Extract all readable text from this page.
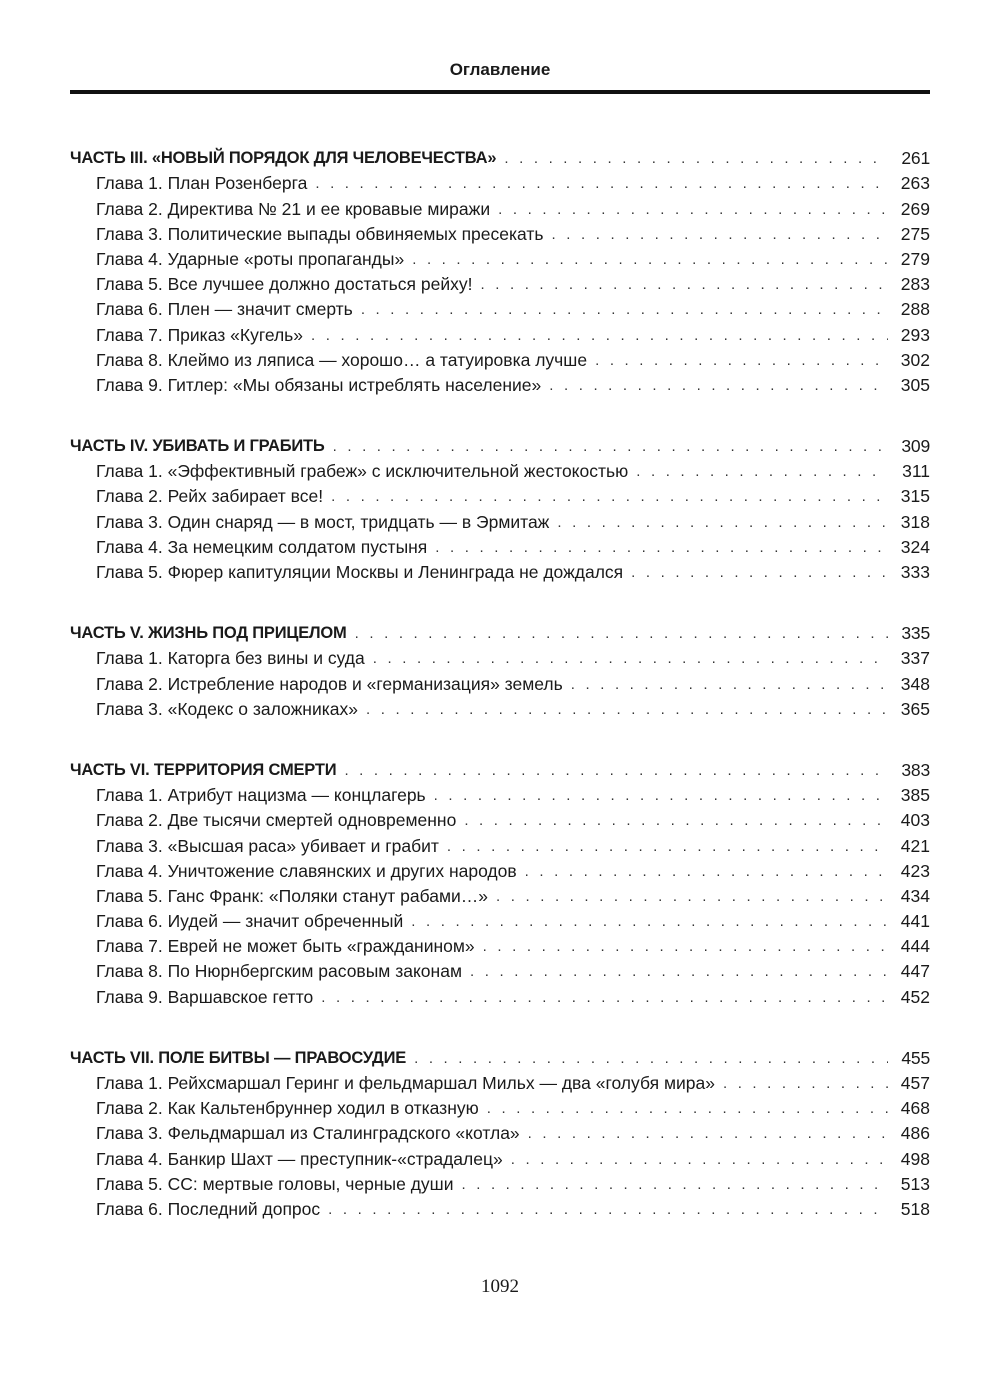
Оглавление
ЧАСТЬ III. «НОВЫЙ ПОРЯДОК ДЛЯ ЧЕЛОВЕЧЕСТВА» . . .	261
Глава 1. План Розенберга . . .	263
Глава 2. Директива № 21 и ее кровавые миражи . . .	269
Глава 3. Политические выпады обвиняемых пресекать . . .	275
Глава 4. Ударные «роты пропаганды» . . .	279
Глава 5. Все лучшее должно достаться рейху! . . .	283
Глава 6. Плен — значит смерть . . .	288
Глава 7. Приказ «Кугель» . . .	293
Глава 8. Клеймо из ляписа — хорошо… а татуировка лучше . . .	302
Глава 9. Гитлер: «Мы обязаны истреблять население» . . .	305
ЧАСТЬ IV. УБИВАТЬ И ГРАБИТЬ . . .	309
Глава 1. «Эффективный грабеж» с исключительной жестокостью . . .	311
Глава 2. Рейх забирает все! . . .	315
Глава 3. Один снаряд — в мост, тридцать — в Эрмитаж . . .	318
Глава 4. За немецким солдатом пустыня . . .	324
Глава 5. Фюрер капитуляции Москвы и Ленинграда не дождался . . .	333
ЧАСТЬ V. ЖИЗНЬ ПОД ПРИЦЕЛОМ . . .	335
Глава 1. Каторга без вины и суда . . .	337
Глава 2. Истребление народов и «германизация» земель . . .	348
Глава 3. «Кодекс о заложниках» . . .	365
ЧАСТЬ VI. ТЕРРИТОРИЯ СМЕРТИ . . .	383
Глава 1. Атрибут нацизма — концлагерь . . .	385
Глава 2. Две тысячи смертей одновременно . . .	403
Глава 3. «Высшая раса» убивает и грабит . . .	421
Глава 4. Уничтожение славянских и других народов . . .	423
Глава 5. Ганс Франк: «Поляки станут рабами…» . . .	434
Глава 6. Иудей — значит обреченный . . .	441
Глава 7. Еврей не может быть «гражданином» . . .	444
Глава 8. По Нюрнбергским расовым законам . . .	447
Глава 9. Варшавское гетто . . .	452
ЧАСТЬ VII. ПОЛЕ БИТВЫ — ПРАВОСУДИЕ . . .	455
Глава 1. Рейхсмаршал Геринг и фельдмаршал Мильх — два «голубя мира» . . .	457
Глава 2. Как Кальтенбруннер ходил в отказную . . .	468
Глава 3. Фельдмаршал из Сталинградского «котла» . . .	486
Глава 4. Банкир Шахт — преступник-«страдалец» . . .	498
Глава 5. СС: мертвые головы, черные души . . .	513
Глава 6. Последний допрос . . .	518
1092
